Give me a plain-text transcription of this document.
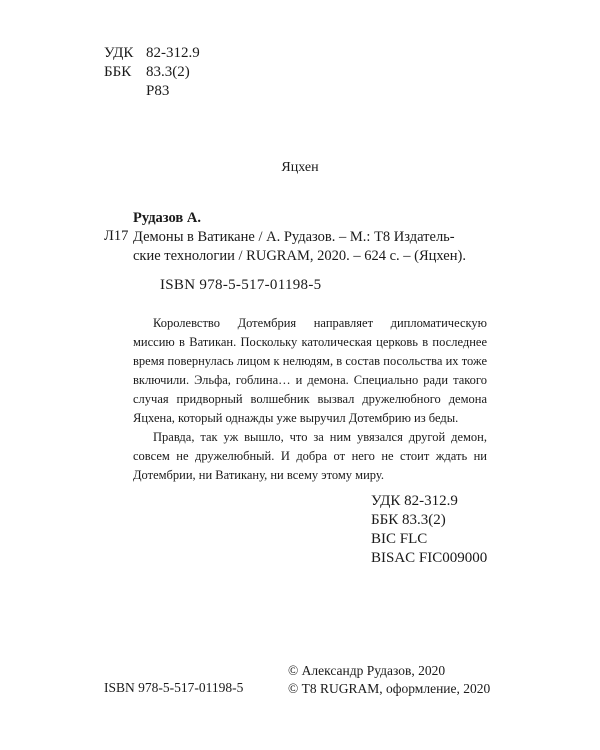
УДК 82-312.9
ББК 83.3(2)
Р83
Яцхен
Рудазов А.
Л17 Демоны в Ватикане / А. Рудазов. – М.: Т8 Издатель-
ские технологии / RUGRAM, 2020. – 624 с. – (Яцхен).
ISBN 978-5-517-01198-5

Королевство Дотембрия направляет дипломатическую миссию в Ватикан. Поскольку католическая церковь в последнее время повернулась лицом к нелюдям, в состав посольства их тоже включили. Эльфа, гоблина… и демона. Специально ради такого случая придворный волшебник вызвал дружелюбного демона Яцхена, который однажды уже выручил Дотембрию из беды.

Правда, так уж вышло, что за ним увязался другой демон, совсем не дружелюбный. И добра от него не стоит ждать ни Дотембрии, ни Ватикану, ни всему этому миру.

УДК 82-312.9
ББК 83.3(2)
BIC FLC
BISAC FIC009000
ISBN 978-5-517-01198-5
© Александр Рудазов, 2020
© Т8 RUGRAM, оформление, 2020
